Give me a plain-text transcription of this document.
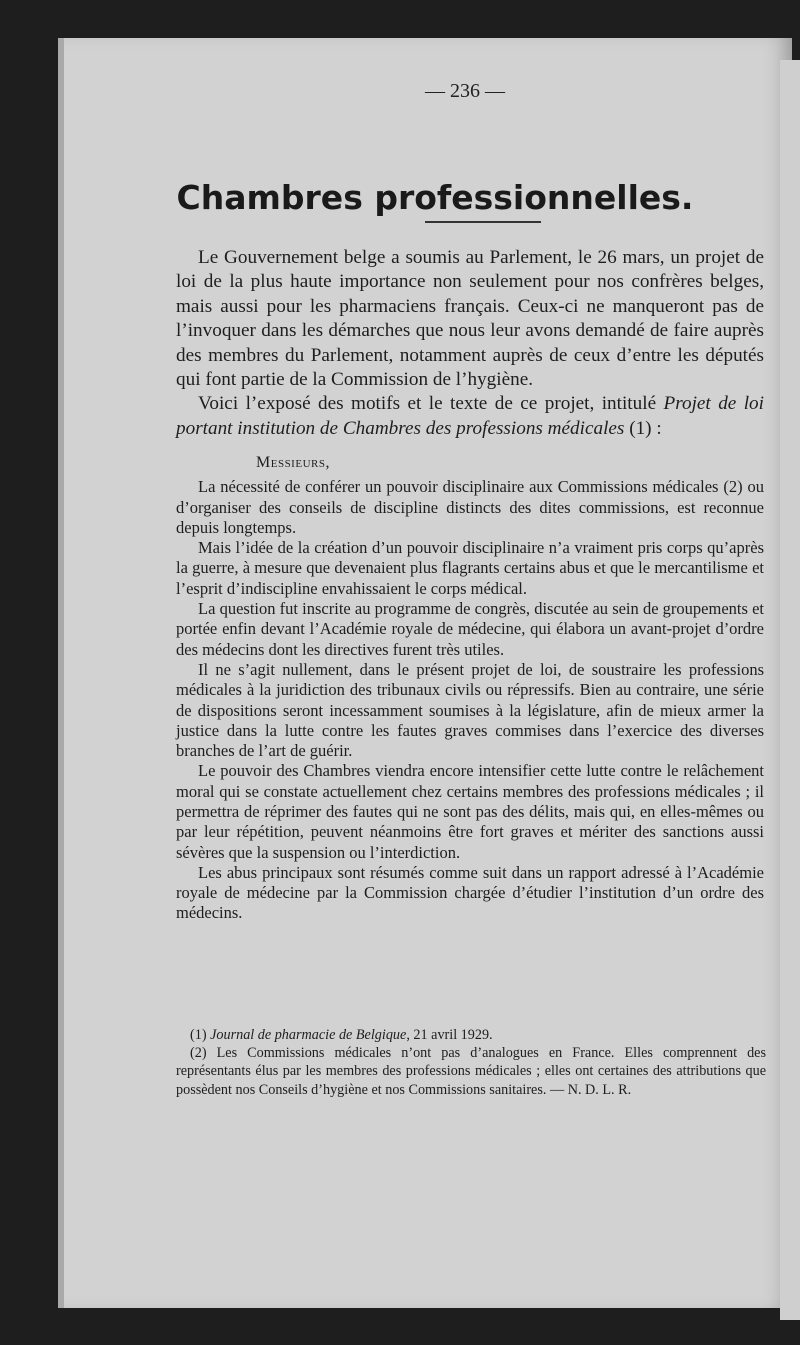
— 236 —
Chambres professionnelles.

Le Gouvernement belge a soumis au Parlement, le 26 mars, un projet de loi de la plus haute importance non seulement pour nos confrères belges, mais aussi pour les pharmaciens français. Ceux-ci ne manqueront pas de l’invoquer dans les démarches que nous leur avons demandé de faire auprès des membres du Parlement, notamment auprès de ceux d’entre les députés qui font partie de la Commission de l’hygiène.

Voici l’exposé des motifs et le texte de ce projet, intitulé Projet de loi portant institution de Chambres des professions médicales (1) :

Messieurs,

La nécessité de conférer un pouvoir disciplinaire aux Commissions médicales (2) ou d’organiser des conseils de discipline distincts des dites commissions, est reconnue depuis longtemps.

Mais l’idée de la création d’un pouvoir disciplinaire n’a vraiment pris corps qu’après la guerre, à mesure que devenaient plus flagrants certains abus et que le mercantilisme et l’esprit d’indiscipline envahissaient le corps médical.

La question fut inscrite au programme de congrès, discutée au sein de groupements et portée enfin devant l’Académie royale de médecine, qui élabora un avant-projet d’ordre des médecins dont les directives furent très utiles.

Il ne s’agit nullement, dans le présent projet de loi, de soustraire les professions médicales à la juridiction des tribunaux civils ou répressifs. Bien au contraire, une série de dispositions seront incessamment soumises à la législature, afin de mieux armer la justice dans la lutte contre les fautes graves commises dans l’exercice des diverses branches de l’art de guérir.

Le pouvoir des Chambres viendra encore intensifier cette lutte contre le relâchement moral qui se constate actuellement chez certains membres des professions médicales ; il permettra de réprimer des fautes qui ne sont pas des délits, mais qui, en elles-mêmes ou par leur répétition, peuvent néanmoins être fort graves et mériter des sanctions aussi sévères que la suspension ou l’interdiction.

Les abus principaux sont résumés comme suit dans un rapport adressé à l’Académie royale de médecine par la Commission chargée d’étudier l’institution d’un ordre des médecins.

(1) Journal de pharmacie de Belgique, 21 avril 1929.

(2) Les Commissions médicales n’ont pas d’analogues en France. Elles comprennent des représentants élus par les membres des professions médicales ; elles ont certaines des attributions que possèdent nos Conseils d’hygiène et nos Commissions sanitaires. — N. D. L. R.
